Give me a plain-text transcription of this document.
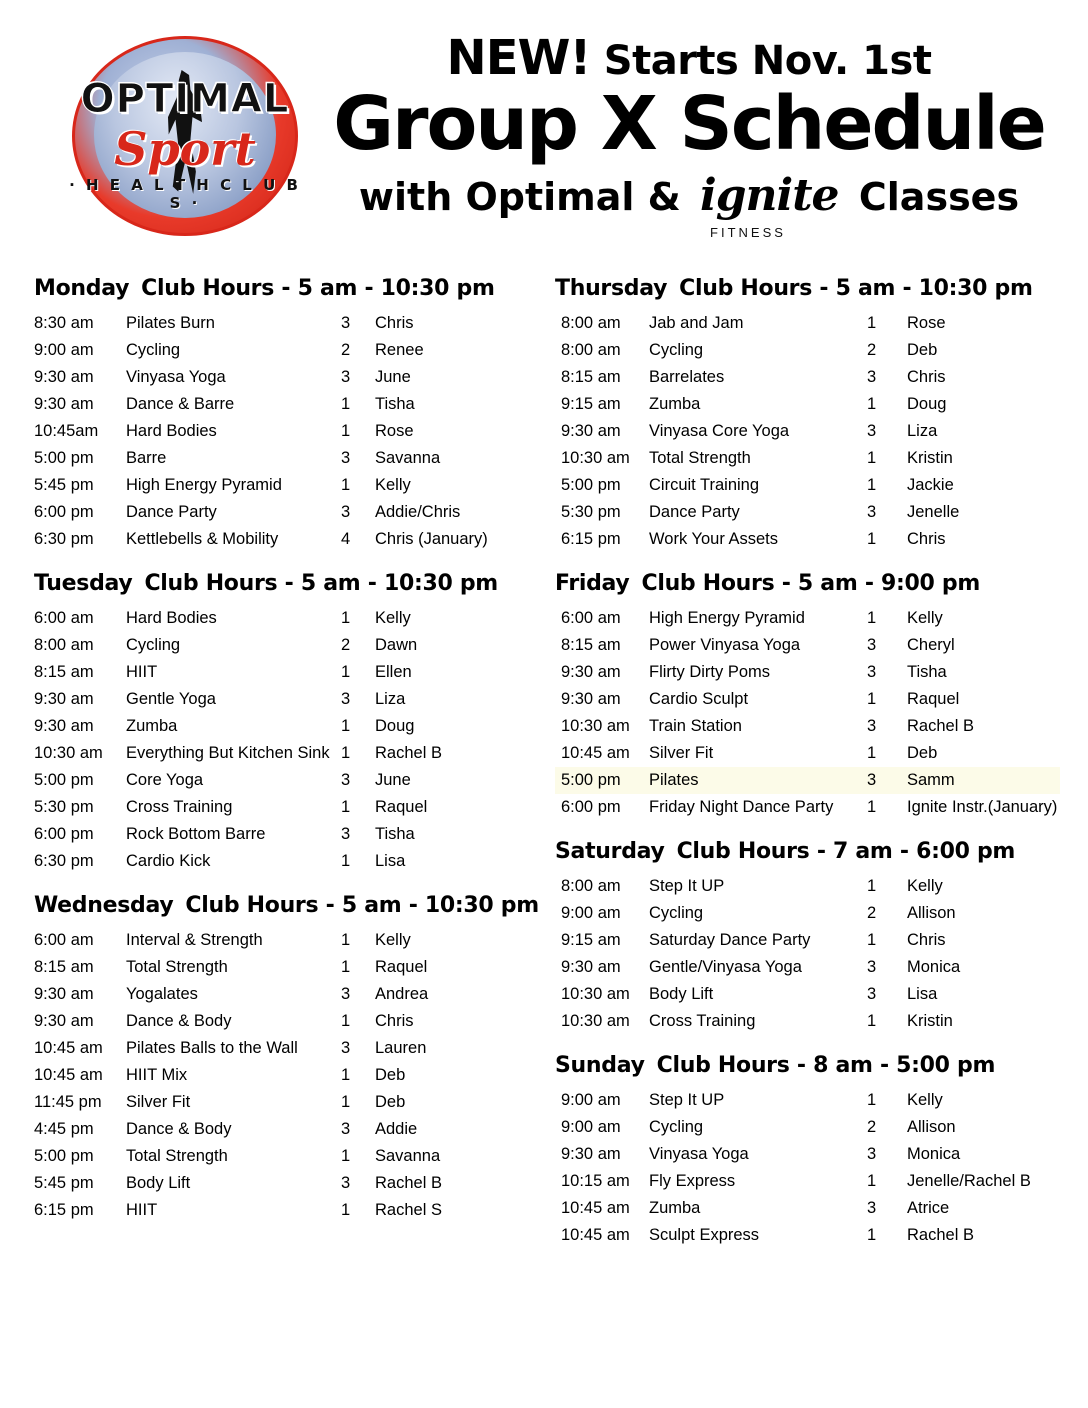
OPTIMAL
Sport
· H E A L T H C L U B S ·
NEW! Starts Nov. 1st
Group X Schedule
with Optimal & ignite
FITNESS
Classes
Monday Club Hours - 5 am - 10:30 pm
8:30 am	Pilates Burn	3	Chris
9:00 am	Cycling	2	Renee
9:30 am	Vinyasa Yoga	3	June
9:30 am	Dance & Barre	1	Tisha
10:45am	Hard Bodies	1	Rose
5:00 pm	Barre	3	Savanna
5:45 pm	High Energy Pyramid	1	Kelly
6:00 pm	Dance Party	3	Addie/Chris
6:30 pm	Kettlebells & Mobility	4	Chris (January)
Tuesday Club Hours - 5 am - 10:30 pm
6:00 am	Hard Bodies	1	Kelly
8:00 am	Cycling	2	Dawn
8:15 am	HIIT	1	Ellen
9:30 am	Gentle Yoga	3	Liza
9:30 am	Zumba	1	Doug
10:30 am	Everything But Kitchen Sink	1	Rachel B
5:00 pm	Core Yoga	3	June
5:30 pm	Cross Training	1	Raquel
6:00 pm	Rock Bottom Barre	3	Tisha
6:30 pm	Cardio Kick	1	Lisa
Wednesday Club Hours - 5 am - 10:30 pm
6:00 am	Interval & Strength	1	Kelly
8:15 am	Total Strength	1	Raquel
9:30 am	Yogalates	3	Andrea
9:30 am	Dance & Body	1	Chris
10:45 am	Pilates Balls to the Wall	3	Lauren
10:45 am	HIIT Mix	1	Deb
11:45 pm	Silver Fit	1	Deb
4:45 pm	Dance & Body	3	Addie
5:00 pm	Total Strength	1	Savanna
5:45 pm	Body Lift	3	Rachel B
6:15 pm	HIIT	1	Rachel S
Thursday Club Hours - 5 am - 10:30 pm
8:00 am	Jab and Jam	1	Rose
8:00 am	Cycling	2	Deb
8:15 am	Barrelates	3	Chris
9:15 am	Zumba	1	Doug
9:30 am	Vinyasa Core Yoga	3	Liza
10:30 am	Total Strength	1	Kristin
5:00 pm	Circuit Training	1	Jackie
5:30 pm	Dance Party	3	Jenelle
6:15 pm	Work Your Assets	1	Chris
Friday Club Hours - 5 am - 9:00 pm
6:00 am	High Energy Pyramid	1	Kelly
8:15 am	Power Vinyasa Yoga	3	Cheryl
9:30 am	Flirty Dirty Poms	3	Tisha
9:30 am	Cardio Sculpt	1	Raquel
10:30 am	Train Station	3	Rachel B
10:45 am	Silver Fit	1	Deb
5:00 pm	Pilates	3	Samm
6:00 pm	Friday Night Dance Party	1	Ignite Instr.(January)
Saturday Club Hours - 7 am - 6:00 pm
8:00 am	Step It UP	1	Kelly
9:00 am	Cycling	2	Allison
9:15 am	Saturday Dance Party	1	Chris
9:30 am	Gentle/Vinyasa Yoga	3	Monica
10:30 am	Body Lift	3	Lisa
10:30 am	Cross Training	1	Kristin
Sunday Club Hours - 8 am - 5:00 pm
9:00 am	Step It UP	1	Kelly
9:00 am	Cycling	2	Allison
9:30 am	Vinyasa Yoga	3	Monica
10:15 am	Fly Express	1	Jenelle/Rachel B
10:45 am	Zumba	3	Atrice
10:45 am	Sculpt Express	1	Rachel B
